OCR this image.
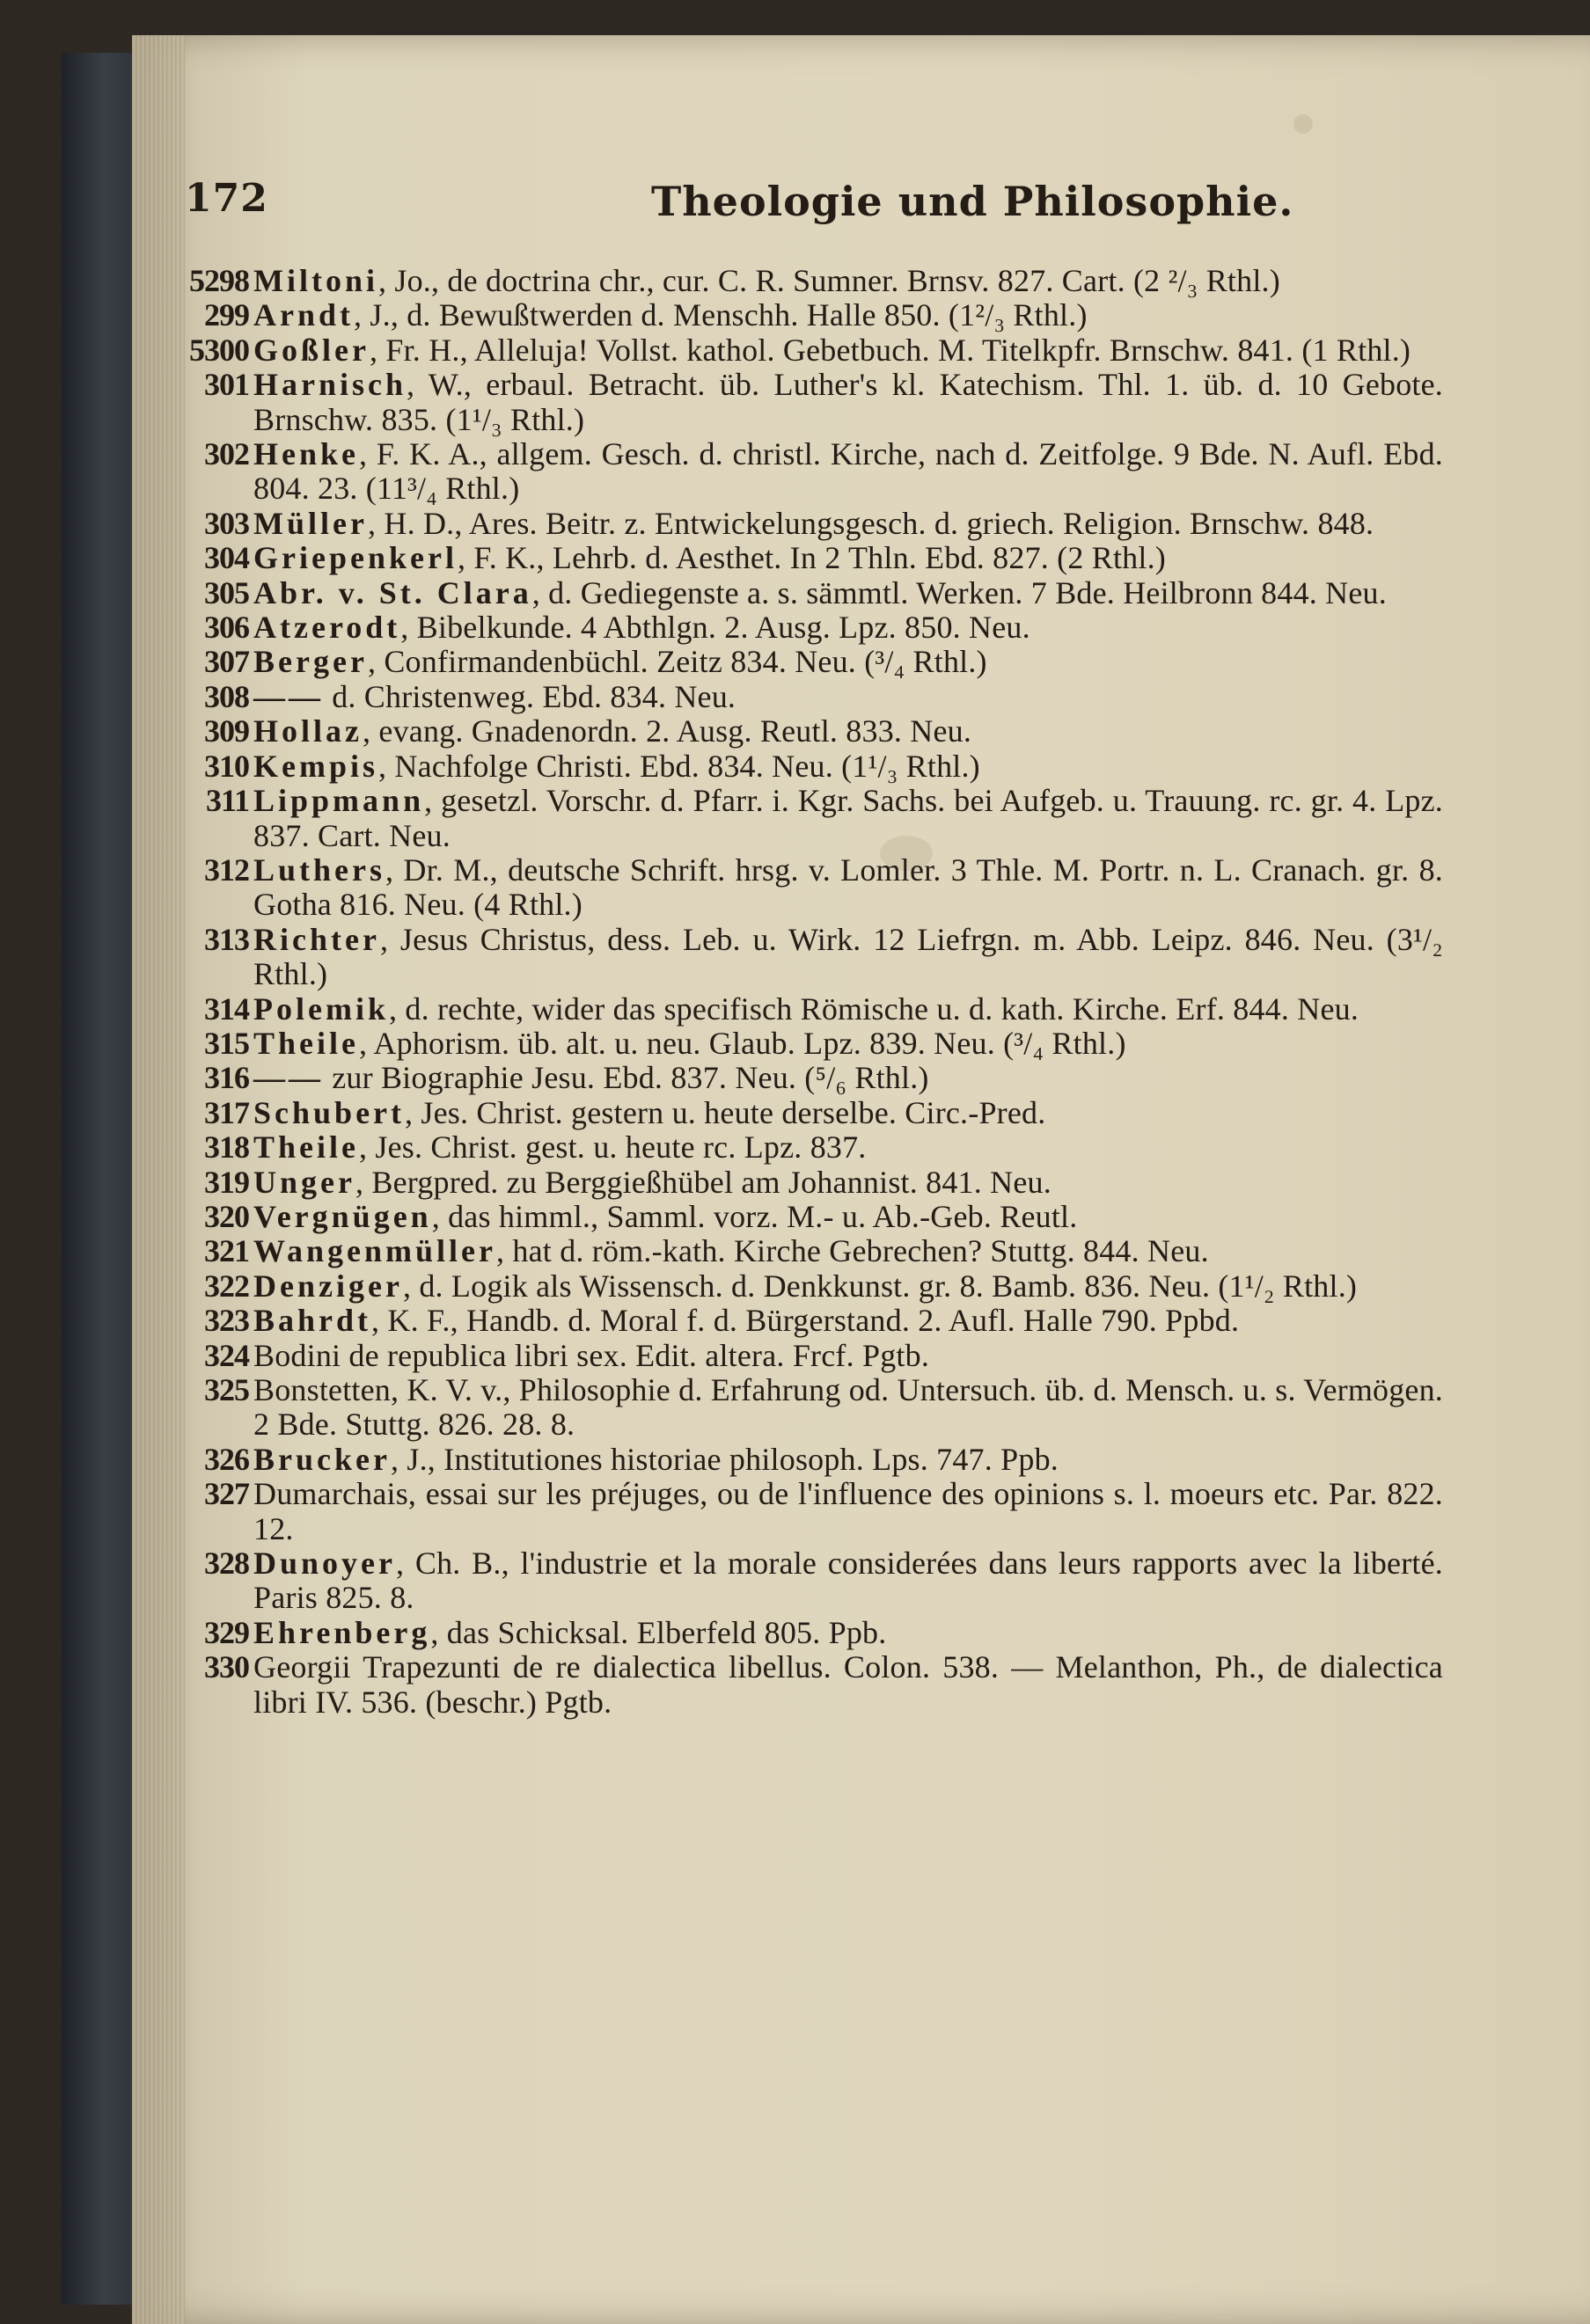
172	Theologie und Philosophie.
5298 Miltoni, Jo., de doctrina chr., cur. C. R. Sumner. Brnsv. 827. Cart. (2 ²/₃ Rthl.)
299 Arndt, J., d. Bewußtwerden d. Menschh. Halle 850. (1²/₃ Rthl.)
5300 Goßler, Fr. H., Alleluja! Vollst. kathol. Gebetbuch. M. Titelkpfr. Brnschw. 841. (1 Rthl.)
301 Harnisch, W., erbaul. Betracht. üb. Luther's kl. Katechism. Thl. 1. üb. d. 10 Gebote. Brnschw. 835. (1¹/₃ Rthl.)
302 Henke, F. K. A., allgem. Gesch. d. christl. Kirche, nach d. Zeitfolge. 9 Bde. N. Aufl. Ebd. 804. 23. (11³/₄ Rthl.)
303 Müller, H. D., Ares. Beitr. z. Entwickelungsgesch. d. griech. Religion. Brnschw. 848.
304 Griepenkerl, F. K., Lehrb. d. Aesthet. In 2 Thln. Ebd. 827. (2 Rthl.)
305 Abr. v. St. Clara, d. Gediegenste a. s. sämmtl. Werken. 7 Bde. Heilbronn 844. Neu.
306 Atzerodt, Bibelkunde. 4 Abthlgn. 2. Ausg. Lpz. 850. Neu.
307 Berger, Confirmandenbüchl. Zeitz 834. Neu. (³/₄ Rthl.)
308 —— d. Christenweg. Ebd. 834. Neu.
309 Hollaz, evang. Gnadenordn. 2. Ausg. Reutl. 833. Neu.
310 Kempis, Nachfolge Christi. Ebd. 834. Neu. (1¹/₃ Rthl.)
311 Lippmann, gesetzl. Vorschr. d. Pfarr. i. Kgr. Sachs. bei Aufgeb. u. Trauung. rc. gr. 4. Lpz. 837. Cart. Neu.
312 Luthers, Dr. M., deutsche Schrift. hrsg. v. Lomler. 3 Thle. M. Portr. n. L. Cranach. gr. 8. Gotha 816. Neu. (4 Rthl.)
313 Richter, Jesus Christus, dess. Leb. u. Wirk. 12 Liefrgn. m. Abb. Leipz. 846. Neu. (3¹/₂ Rthl.)
314 Polemik, d. rechte, wider das specifisch Römische u. d. kath. Kirche. Erf. 844. Neu.
315 Theile, Aphorism. üb. alt. u. neu. Glaub. Lpz. 839. Neu. (³/₄ Rthl.)
316 —— zur Biographie Jesu. Ebd. 837. Neu. (⁵/₆ Rthl.)
317 Schubert, Jes. Christ. gestern u. heute derselbe. Circ.-Pred.
318 Theile, Jes. Christ. gest. u. heute rc. Lpz. 837.
319 Unger, Bergpred. zu Berggießhübel am Johannist. 841. Neu.
320 Vergnügen, das himml., Samml. vorz. M.- u. Ab.-Geb. Reutl.
321 Wangenmüller, hat d. röm.-kath. Kirche Gebrechen? Stuttg. 844. Neu.
322 Denziger, d. Logik als Wissensch. d. Denkkunst. gr. 8. Bamb. 836. Neu. (1¹/₂ Rthl.)
323 Bahrdt, K. F., Handb. d. Moral f. d. Bürgerstand. 2. Aufl. Halle 790. Ppbd.
324 Bodini de republica libri sex. Edit. altera. Frcf. Pgtb.
325 Bonstetten, K. V. v., Philosophie d. Erfahrung od. Untersuch. üb. d. Mensch. u. s. Vermögen. 2 Bde. Stuttg. 826. 28. 8.
326 Brucker, J., Institutiones historiae philosoph. Lps. 747. Ppb.
327 Dumarchais, essai sur les préjuges, ou de l'influence des opinions s. l. moeurs etc. Par. 822. 12.
328 Dunoyer, Ch. B., l'industrie et la morale considerées dans leurs rapports avec la liberté. Paris 825. 8.
329 Ehrenberg, das Schicksal. Elberfeld 805. Ppb.
330 Georgii Trapezunti de re dialectica libellus. Colon. 538. — Melanthon, Ph., de dialectica libri IV. 536. (beschr.) Pgtb.
